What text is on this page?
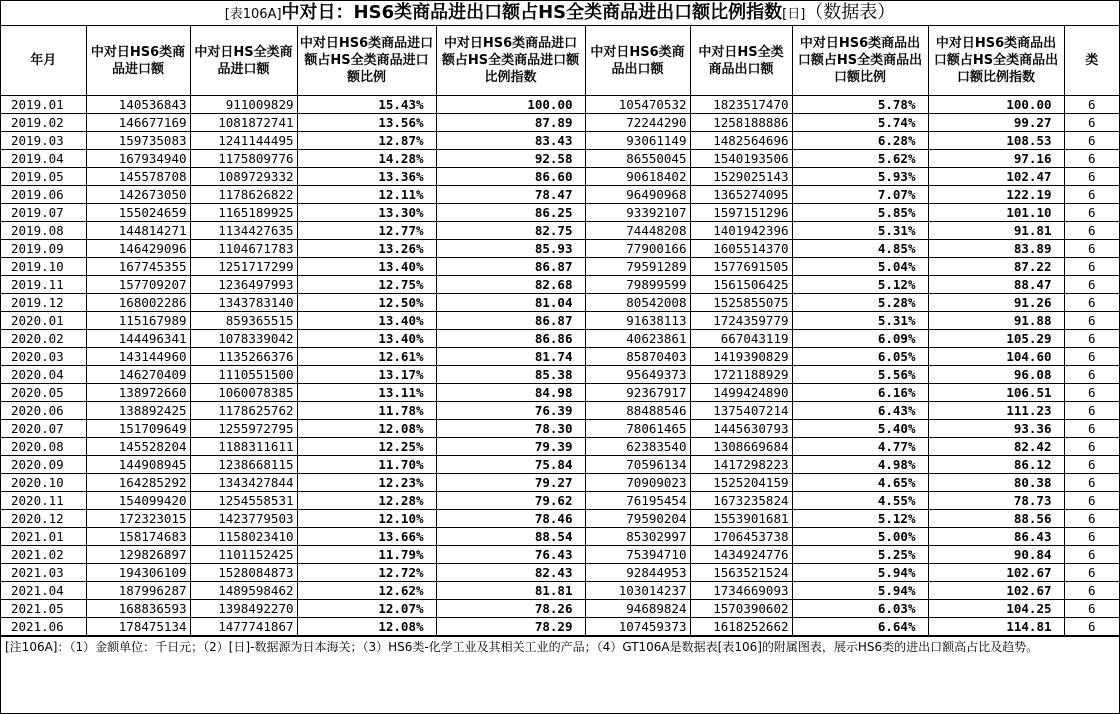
[表106A]中对日：HS6类商品进出口额占HS全类商品进出口额比例指数[日]（数据表）
年月	中对日HS6类商品进口额	中对日HS全类商品进口额	中对日HS6类商品进口额占HS全类商品进口额比例	中对日HS6类商品进口额占HS全类商品进口额比例指数	中对日HS6类商品出口额	中对日HS全类商品出口额	中对日HS6类商品出口额占HS全类商品出口额比例	中对日HS6类商品出口额占HS全类商品出口额比例指数	类
2019.01	140536843	911009829	15.43%	100.00	105470532	1823517470	5.78%	100.00	6
2019.02	146677169	1081872741	13.56%	87.89	72244290	1258188886	5.74%	99.27	6
2019.03	159735083	1241144495	12.87%	83.43	93061149	1482564696	6.28%	108.53	6
2019.04	167934940	1175809776	14.28%	92.58	86550045	1540193506	5.62%	97.16	6
2019.05	145578708	1089729332	13.36%	86.60	90618402	1529025143	5.93%	102.47	6
2019.06	142673050	1178626822	12.11%	78.47	96490968	1365274095	7.07%	122.19	6
2019.07	155024659	1165189925	13.30%	86.25	93392107	1597151296	5.85%	101.10	6
2019.08	144814271	1134427635	12.77%	82.75	74448208	1401942396	5.31%	91.81	6
2019.09	146429096	1104671783	13.26%	85.93	77900166	1605514370	4.85%	83.89	6
2019.10	167745355	1251717299	13.40%	86.87	79591289	1577691505	5.04%	87.22	6
2019.11	157709207	1236497993	12.75%	82.68	79899599	1561506425	5.12%	88.47	6
2019.12	168002286	1343783140	12.50%	81.04	80542008	1525855075	5.28%	91.26	6
2020.01	115167989	859365515	13.40%	86.87	91638113	1724359779	5.31%	91.88	6
2020.02	144496341	1078339042	13.40%	86.86	40623861	667043119	6.09%	105.29	6
2020.03	143144960	1135266376	12.61%	81.74	85870403	1419390829	6.05%	104.60	6
2020.04	146270409	1110551500	13.17%	85.38	95649373	1721188929	5.56%	96.08	6
2020.05	138972660	1060078385	13.11%	84.98	92367917	1499424890	6.16%	106.51	6
2020.06	138892425	1178625762	11.78%	76.39	88488546	1375407214	6.43%	111.23	6
2020.07	151709649	1255972795	12.08%	78.30	78061465	1445630793	5.40%	93.36	6
2020.08	145528204	1188311611	12.25%	79.39	62383540	1308669684	4.77%	82.42	6
2020.09	144908945	1238668115	11.70%	75.84	70596134	1417298223	4.98%	86.12	6
2020.10	164285292	1343427844	12.23%	79.27	70909023	1525204159	4.65%	80.38	6
2020.11	154099420	1254558531	12.28%	79.62	76195454	1673235824	4.55%	78.73	6
2020.12	172323015	1423779503	12.10%	78.46	79590204	1553901681	5.12%	88.56	6
2021.01	158174683	1158023410	13.66%	88.54	85302997	1706453738	5.00%	86.43	6
2021.02	129826897	1101152425	11.79%	76.43	75394710	1434924776	5.25%	90.84	6
2021.03	194306109	1528084873	12.72%	82.43	92844953	1563521524	5.94%	102.67	6
2021.04	187996287	1489598462	12.62%	81.81	103014237	1734669093	5.94%	102.67	6
2021.05	168836593	1398492270	12.07%	78.26	94689824	1570390602	6.03%	104.25	6
2021.06	178475134	1477741867	12.08%	78.29	107459373	1618252662	6.64%	114.81	6
[注106A]：（1）金额单位：千日元；（2）[日]-数据源为日本海关；（3）HS6类-化学工业及其相关工业的产品；（4）GT106A是数据表[表106]的附属图表，展示HS6类的进出口额高占比及趋势。
